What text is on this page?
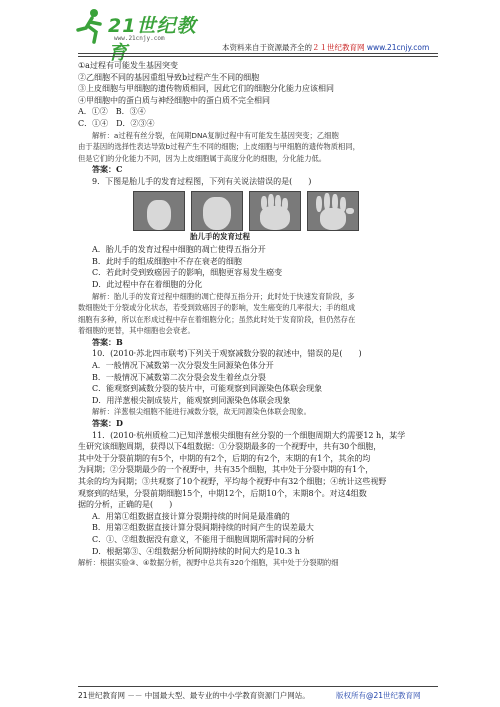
21世纪教育
www.21cnjy.com
本资料来自于资源最齐全的２１世纪教育网 www.21cnjy.com
①a过程有可能发生基因突变
②乙细胞不同的基因重组导致b过程产生不同的细胞
③上皮细胞与甲细胞的遗传物质相同，因此它们的细胞分化能力应该相同
④甲细胞中的蛋白质与神经细胞中的蛋白质不完全相同
A．①②　B．③④
C．①④　D．②③④
解析：a过程有丝分裂，在间期DNA复制过程中有可能发生基因突变；乙细胞
由于基因的选择性表达导致b过程产生不同的细胞；上皮细胞与甲细胞的遗传物质相同，
但是它们的分化能力不同，因为上皮细胞属于高度分化的细胞，分化能力低。
答案：C
9．下图是胎儿手的发育过程图，下列有关说法错误的是(　　)
胎儿手的发育过程
A．胎儿手的发育过程中细胞的凋亡使得五指分开
B．此时手的组成细胞中不存在衰老的细胞
C．若此时受到致癌因子的影响，细胞更容易发生癌变
D．此过程中存在着细胞的分化
解析：胎儿手的发育过程中细胞的凋亡使得五指分开；此时处于快速发育阶段，多
数细胞处于分裂或分化状态，若受到致癌因子的影响，发生癌变的几率很大；手的组成
细胞有多种，所以在形成过程中存在着细胞分化；虽然此时处于发育阶段，但仍然存在
着细胞的更替，其中细胞也会衰老。
答案：B
10．(2010·苏北四市联考)下列关于观察减数分裂的叙述中，错误的是(　　)
A．一般情况下减数第一次分裂发生同源染色体分开
B．一般情况下减数第二次分裂会发生着丝点分裂
C．能观察到减数分裂的装片中，可能观察到同源染色体联会现象
D．用洋葱根尖制成装片，能观察到同源染色体联会现象
解析：洋葱根尖细胞不能进行减数分裂，故无同源染色体联会现象。
答案：D
11．(2010·杭州质检二)已知洋葱根尖细胞有丝分裂的一个细胞周期大约需要12 h，某学
生研究该细胞周期，获得以下4组数据：①分裂期最多的一个视野中，共有30个细胞，
其中处于分裂前期的有5个，中期的有2个，后期的有2个，末期的有1个，其余的均
为间期；②分裂期最少的一个视野中，共有35个细胞，其中处于分裂中期的有1个，
其余的均为间期；③共观察了10个视野，平均每个视野中有32个细胞；④统计这些视野
观察到的结果，分裂前期细胞15个，中期12个，后期10个，末期8个。对这4组数
据的分析，正确的是(　　)
A．用第①组数据直接计算分裂期持续的时间是最准确的
B．用第②组数据直接计算分裂间期持续的时间产生的误差最大
C．①、②组数据没有意义，不能用于细胞周期所需时间的分析
D．根据第③、④组数据分析间期持续的时间大约是10.3 h
解析：根据实验③、④数据分析，视野中总共有320个细胞，其中处于分裂期的细
21世纪教育网 －－ 中国最大型、最专业的中小学教育资源门户网站。	版权所有@21世纪教育网
